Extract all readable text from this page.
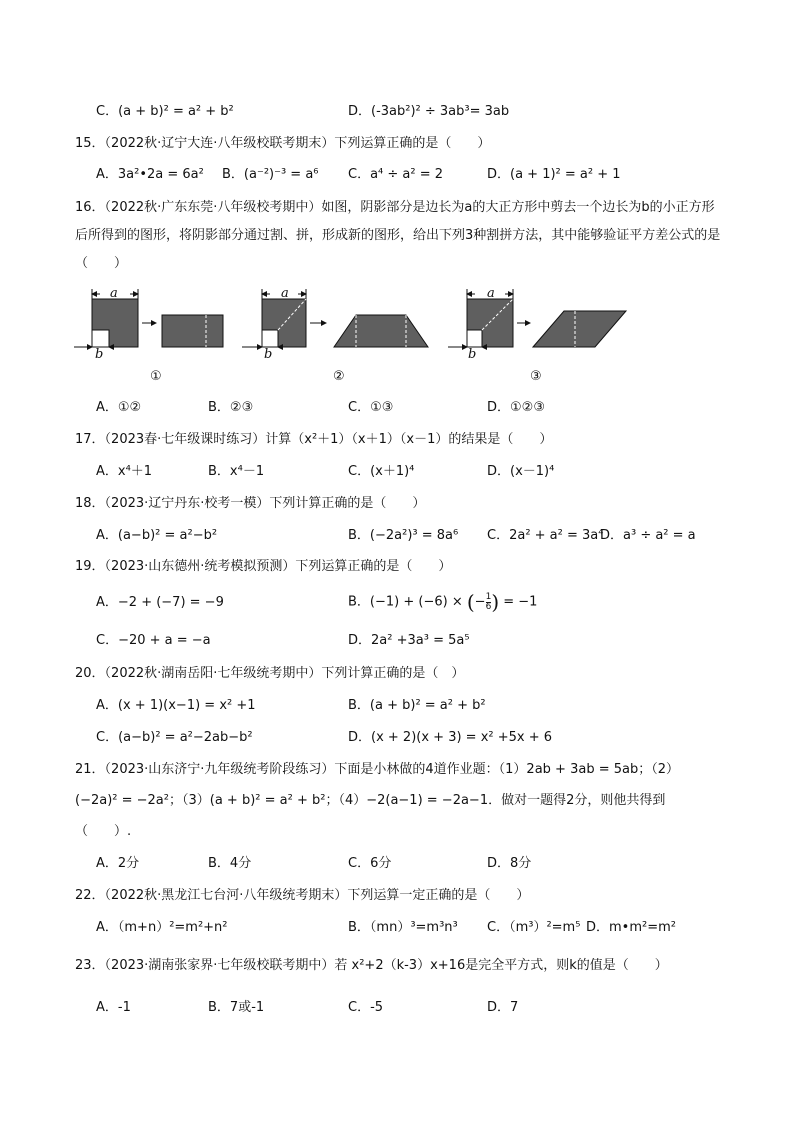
C．(a + b)² = a² + b²	D．(-3ab²)² ÷ 3ab³= 3ab
15．（2022秋·辽宁大连·八年级校联考期末）下列运算正确的是（　　）
A．3a²•2a = 6a² B．(a⁻²)⁻³ = a⁶ C．a⁴ ÷ a² = 2	D．(a + 1)² = a² + 1
16．（2022秋·广东东莞·八年级校考期中）如图，阴影部分是边长为a的大正方形中剪去一个边长为b的小正方形后所得到的图形，将阴影部分通过割、拼，形成新的图形，给出下列3种割拼方法，其中能够验证平方差公式的是（　　）
a
b
a
b
a
b
①	②	③
A．①②	B．②③	C．①③	D．①②③
17．（2023春·七年级课时练习）计算（x²＋1）（x＋1）（x－1）的结果是（　　）
A．x⁴＋1	B．x⁴－1	C．(x＋1)⁴	D．(x－1)⁴
18．（2023·辽宁丹东·校考一模）下列计算正确的是（　　）
A．(a−b)² = a²−b²	B．(−2a²)³ = 8a⁶ C．2a² + a² = 3a⁴
D．a³ ÷ a² = a
19．（2023·山东德州·统考模拟预测）下列运算正确的是（　　）
A．−2 + (−7) = −9	B．(−1) + (−6) × (− $\frac{1}{6}$ ) = −1
C．−20 + a = −a	D．2a² +3a³ = 5a⁵
20．（2022秋·湖南岳阳·七年级统考期中）下列计算正确的是（　）
A．(x + 1)(x−1) = x² +1	B．(a + b)² = a² + b²
C．(a−b)² = a²−2ab−b²	D．(x + 2)(x + 3) = x² +5x + 6
21．（2023·山东济宁·九年级统考阶段练习）下面是小林做的4道作业题：（1）2ab + 3ab = 5ab；（2）
(−2a)² = −2a²；（3）(a + b)² = a² + b²；（4）−2(a−1) = −2a−1．做对一题得2分，则他共得到
（　　）.
A．2分	B．4分	C．6分	D．8分
22．（2022秋·黑龙江七台河·八年级统考期末）下列运算一定正确的是（　　）
A．（m+n）²=m²+n²	B．（mn）³=m³n³ C．（m³）²=m⁵ D．m•m²=m²
23．（2023·湖南张家界·七年级校联考期中）若 x²+2（k-3）x+16是完全平方式，则k的值是（　　）
A．-1	B．7或-1	C．-5	D．7
